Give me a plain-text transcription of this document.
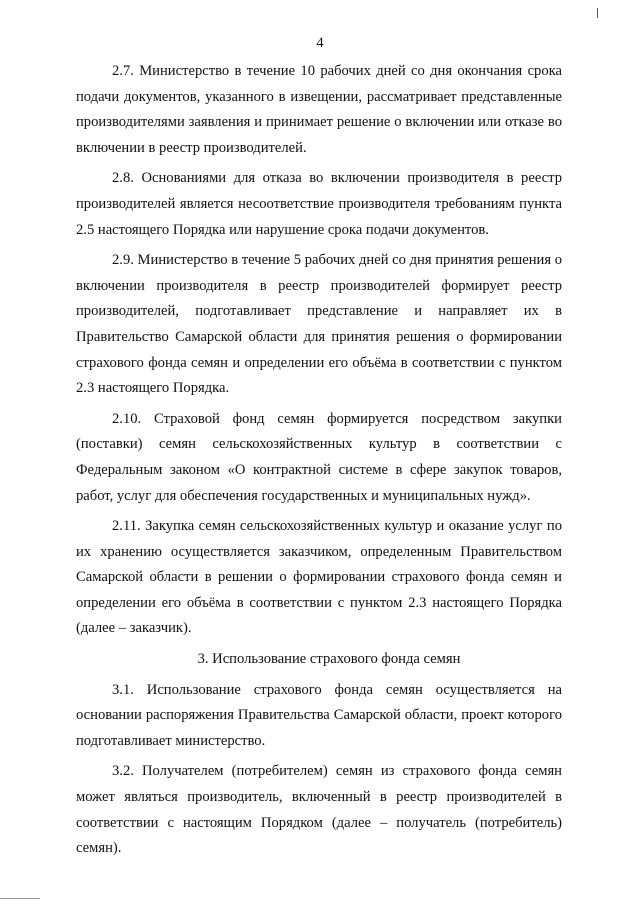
4

2.7. Министерство в течение 10 рабочих дней со дня окончания срока подачи документов, указанного в извещении, рассматривает представленные производителями заявления и принимает решение о включении или отказе во включении в реестр производителей.

2.8. Основаниями для отказа во включении производителя в реестр производителей является несоответствие производителя требованиям пункта 2.5 настоящего Порядка или нарушение срока подачи документов.

2.9. Министерство в течение 5 рабочих дней со дня принятия решения о включении производителя в реестр производителей формирует реестр производителей, подготавливает представление и направляет их в Правительство Самарской области для принятия решения о формировании страхового фонда семян и определении его объёма в соответствии с пунктом 2.3 настоящего Порядка.

2.10. Страховой фонд семян формируется посредством закупки (поставки) семян сельскохозяйственных культур в соответствии с Федеральным законом «О контрактной системе в сфере закупок товаров, работ, услуг для обеспечения государственных и муниципальных нужд».

2.11. Закупка семян сельскохозяйственных культур и оказание услуг по их хранению осуществляется заказчиком, определенным Правительством Самарской области в решении о формировании страхового фонда семян и определении его объёма в соответствии с пунктом 2.3 настоящего Порядка (далее – заказчик).

3. Использование страхового фонда семян

3.1. Использование страхового фонда семян осуществляется на основании распоряжения Правительства Самарской области, проект которого подготавливает министерство.

3.2. Получателем (потребителем) семян из страхового фонда семян может являться производитель, включенный в реестр производителей в соответствии с настоящим Порядком (далее – получатель (потребитель) семян).
